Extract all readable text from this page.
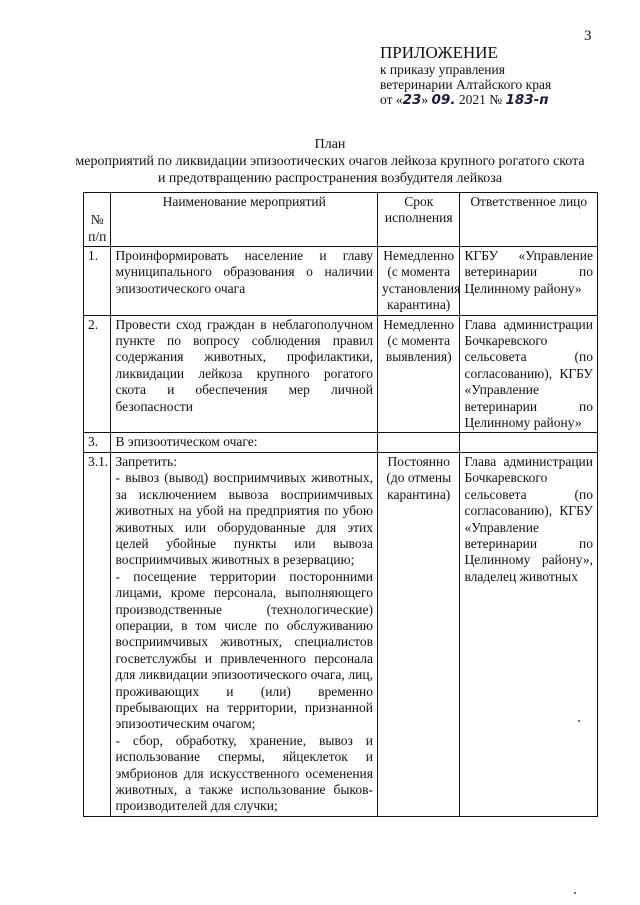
3
ПРИЛОЖЕНИЕ
к приказу управления
ветеринарии Алтайского края
от «23» 09. 2021 № 183-п
План
мероприятий по ликвидации эпизоотических очагов лейкоза крупного рогатого скота
и предотвращению распространения возбудителя лейкоза
№ п/п	Наименование мероприятий	Срок исполнения	Ответственное лицо
1.	Проинформировать население и главу муниципального образования о наличии эпизоотического очага	Немедленно (с момента установления карантина)	КГБУ «Управление ветеринарии по Целинному району»
2.	Провести сход граждан в неблагополучном пункте по вопросу соблюдения правил содержания животных, профилактики, ликвидации лейкоза крупного рогатого скота и обеспечения мер личной безопасности	Немедленно (с момента выявления)	Глава администрации Бочкаревского сельсовета (по согласованию), КГБУ «Управление ветеринарии по Целинному району»
3.	В эпизоотическом очаге:		
3.1.	Запретить:
- вывоз (вывод) восприимчивых животных, за исключением вывоза восприимчивых животных на убой на предприятия по убою животных или оборудованные для этих целей убойные пункты или вывоза восприимчивых животных в резервацию;
- посещение территории посторонними лицами, кроме персонала, выполняющего производственные (технологические) операции, в том числе по обслуживанию восприимчивых животных, специалистов госветслужбы и привлеченного персонала для ликвидации эпизоотического очага, лиц, проживающих и (или) временно пребывающих на территории, признанной эпизоотическим очагом;
- сбор, обработку, хранение, вывоз и использование спермы, яйцеклеток и эмбрионов для искусственного осеменения животных, а также использование быков-производителей для случки;	Постоянно (до отмены карантина)	Глава администрации Бочкаревского сельсовета (по согласованию), КГБУ «Управление ветеринарии по Целинному району», владелец животных
